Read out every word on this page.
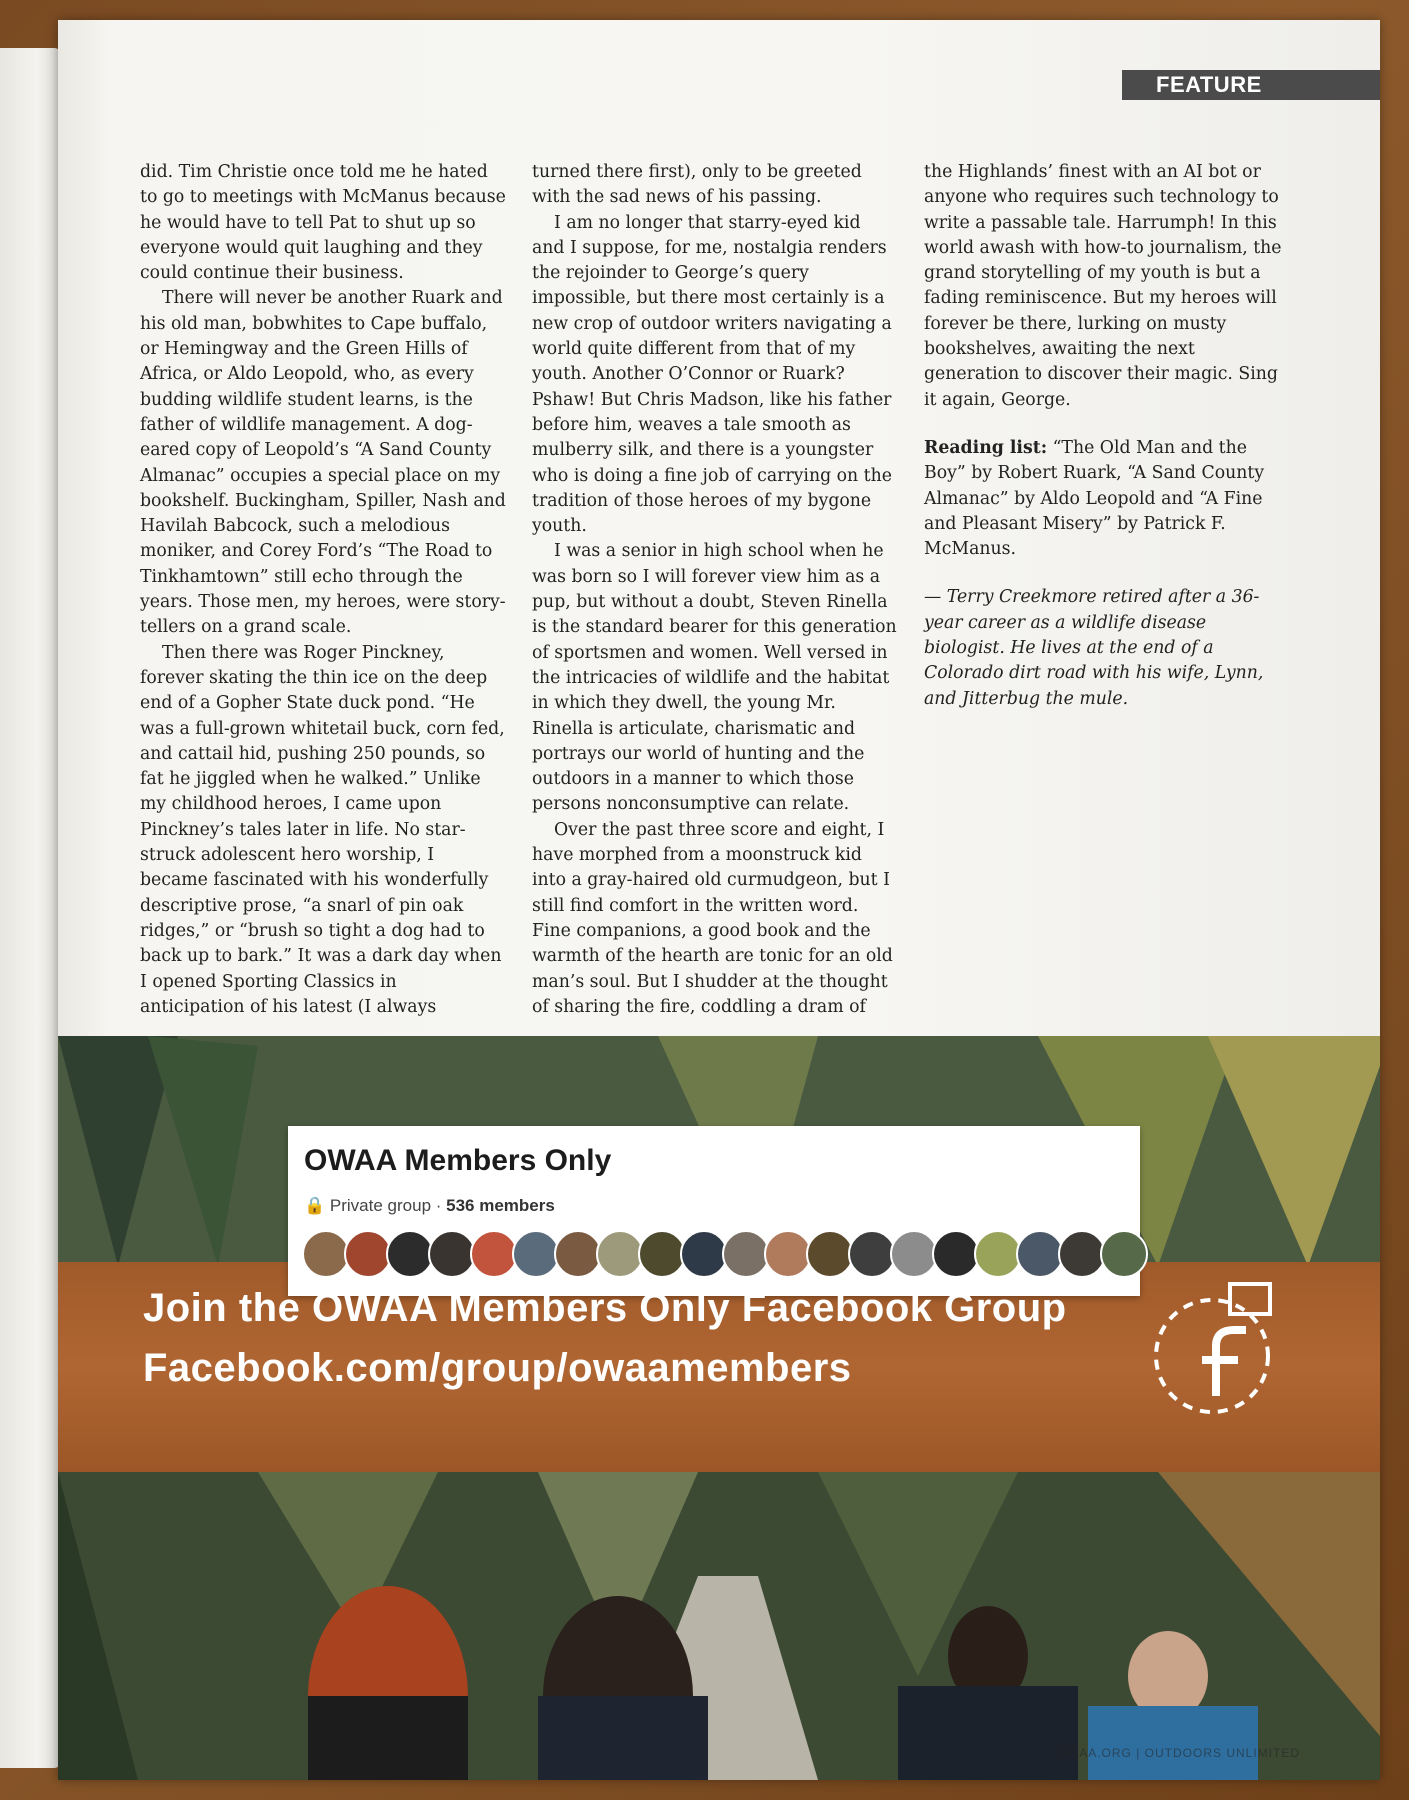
FEATURE

did. Tim Christie once told me he hated to go to meetings with McManus because he would have to tell Pat to shut up so everyone would quit laughing and they could continue their business.

There will never be another Ruark and his old man, bobwhites to Cape buffalo, or Hemingway and the Green Hills of Africa, or Aldo Leopold, who, as every budding wildlife student learns, is the father of wildlife management. A dog-eared copy of Leopold’s “A Sand County Almanac” occupies a special place on my bookshelf. Buckingham, Spiller, Nash and Havilah Babcock, such a melodious moniker, and Corey Ford’s “The Road to Tinkhamtown” still echo through the years. Those men, my heroes, were story-tellers on a grand scale.

Then there was Roger Pinckney, forever skating the thin ice on the deep end of a Gopher State duck pond. “He was a full-grown whitetail buck, corn fed, and cattail hid, pushing 250 pounds, so fat he jiggled when he walked.” Unlike my childhood heroes, I came upon Pinckney’s tales later in life. No star-struck adolescent hero worship, I became fascinated with his wonderfully descriptive prose, “a snarl of pin oak ridges,” or “brush so tight a dog had to back up to bark.” It was a dark day when I opened Sporting Classics in anticipation of his latest (I always

turned there first), only to be greeted with the sad news of his passing.

I am no longer that starry-eyed kid and I suppose, for me, nostalgia renders the rejoinder to George’s query impossible, but there most certainly is a new crop of outdoor writers navigating a world quite different from that of my youth. Another O’Connor or Ruark? Pshaw! But Chris Madson, like his father before him, weaves a tale smooth as mulberry silk, and there is a youngster who is doing a fine job of carrying on the tradition of those heroes of my bygone youth.

I was a senior in high school when he was born so I will forever view him as a pup, but without a doubt, Steven Rinella is the standard bearer for this generation of sportsmen and women. Well versed in the intricacies of wildlife and the habitat in which they dwell, the young Mr. Rinella is articulate, charismatic and portrays our world of hunting and the outdoors in a manner to which those persons nonconsumptive can relate.

Over the past three score and eight, I have morphed from a moonstruck kid into a gray-haired old curmudgeon, but I still find comfort in the written word. Fine companions, a good book and the warmth of the hearth are tonic for an old man’s soul. But I shudder at the thought of sharing the fire, coddling a dram of

the Highlands’ finest with an AI bot or anyone who requires such technology to write a passable tale. Harrumph! In this world awash with how-to journalism, the grand storytelling of my youth is but a fading reminiscence. But my heroes will forever be there, lurking on musty bookshelves, awaiting the next generation to discover their magic. Sing it again, George.

Reading list: “The Old Man and the Boy” by Robert Ruark, “A Sand County Almanac” by Aldo Leopold and “A Fine and Pleasant Misery” by Patrick F. McManus.

— Terry Creekmore retired after a 36-year career as a wildlife disease biologist. He lives at the end of a Colorado dirt road with his wife, Lynn, and Jitterbug the mule.

OWAA Members Only
🔒 Private group · 536 members
Join the OWAA Members Only Facebook Group
Facebook.com/group/owaamembers
OWAA.ORG | OUTDOORS UNLIMITED
